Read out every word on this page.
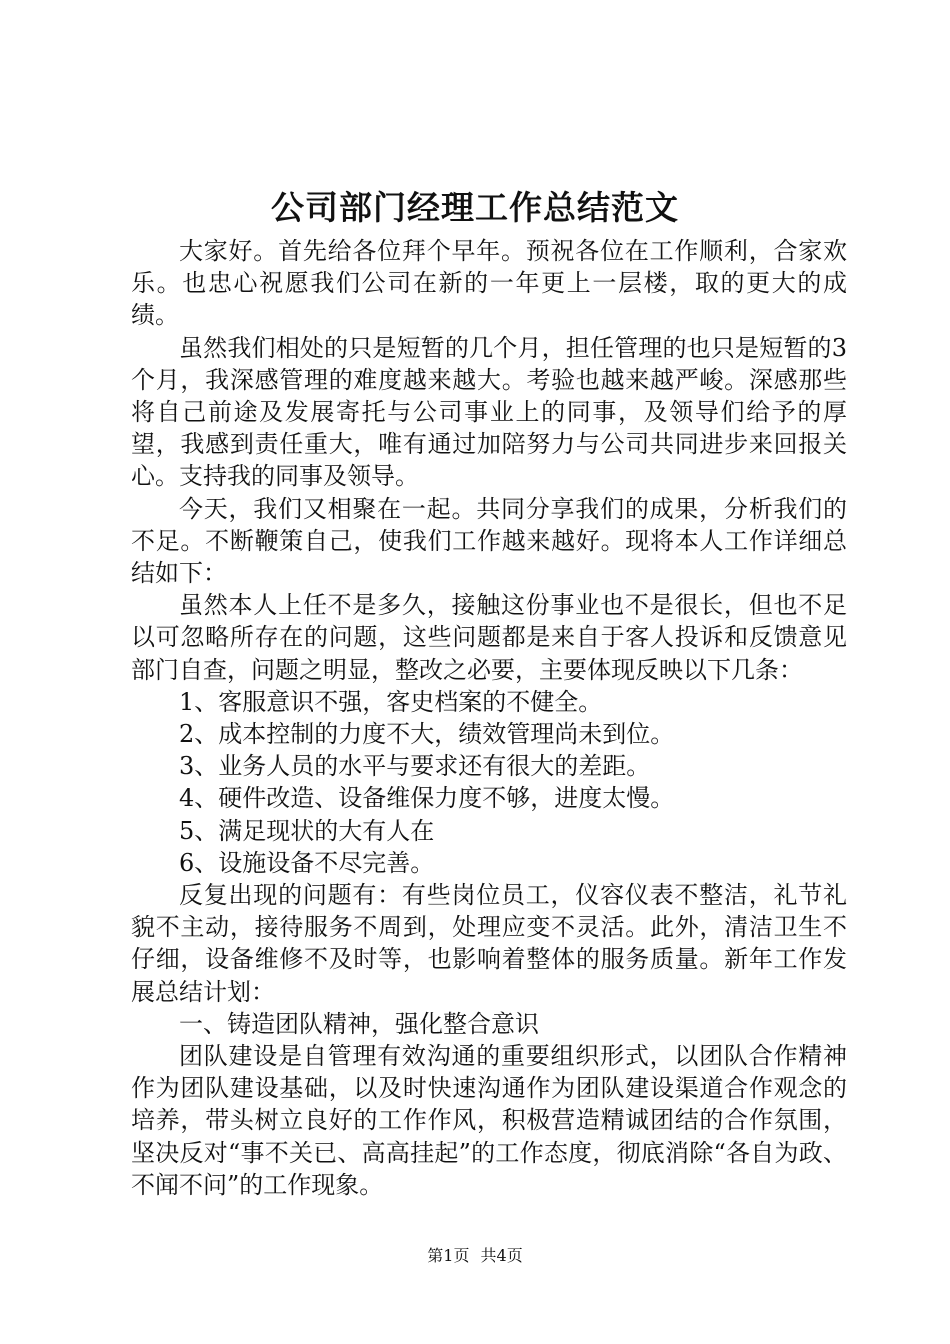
公司部门经理工作总结范文

大家好。首先给各位拜个早年。预祝各位在工作顺利，合家欢乐。也忠心祝愿我们公司在新的一年更上一层楼，取的更大的成绩。

虽然我们相处的只是短暂的几个月，担任管理的也只是短暂的3个月，我深感管理的难度越来越大。考验也越来越严峻。深感那些将自己前途及发展寄托与公司事业上的同事，及领导们给予的厚望，我感到责任重大，唯有通过加陪努力与公司共同进步来回报关心。支持我的同事及领导。

今天，我们又相聚在一起。共同分享我们的成果，分析我们的不足。不断鞭策自己，使我们工作越来越好。现将本人工作详细总结如下：

虽然本人上任不是多久，接触这份事业也不是很长，但也不足以可忽略所存在的问题，这些问题都是来自于客人投诉和反馈意见部门自查，问题之明显，整改之必要，主要体现反映以下几条：

1、客服意识不强，客史档案的不健全。

2、成本控制的力度不大，绩效管理尚未到位。

3、业务人员的水平与要求还有很大的差距。

4、硬件改造、设备维保力度不够，进度太慢。

5、满足现状的大有人在

6、设施设备不尽完善。

反复出现的问题有：有些岗位员工，仪容仪表不整洁，礼节礼貌不主动，接待服务不周到，处理应变不灵活。此外，清洁卫生不仔细，设备维修不及时等，也影响着整体的服务质量。新年工作发展总结计划：

一、铸造团队精神，强化整合意识

团队建设是自管理有效沟通的重要组织形式，以团队合作精神作为团队建设基础，以及时快速沟通作为团队建设渠道合作观念的培养，带头树立良好的工作作风，积极营造精诚团结的合作氛围，坚决反对“事不关已、高高挂起”的工作态度，彻底消除“各自为政、不闻不问”的工作现象。

第1页 共4页
